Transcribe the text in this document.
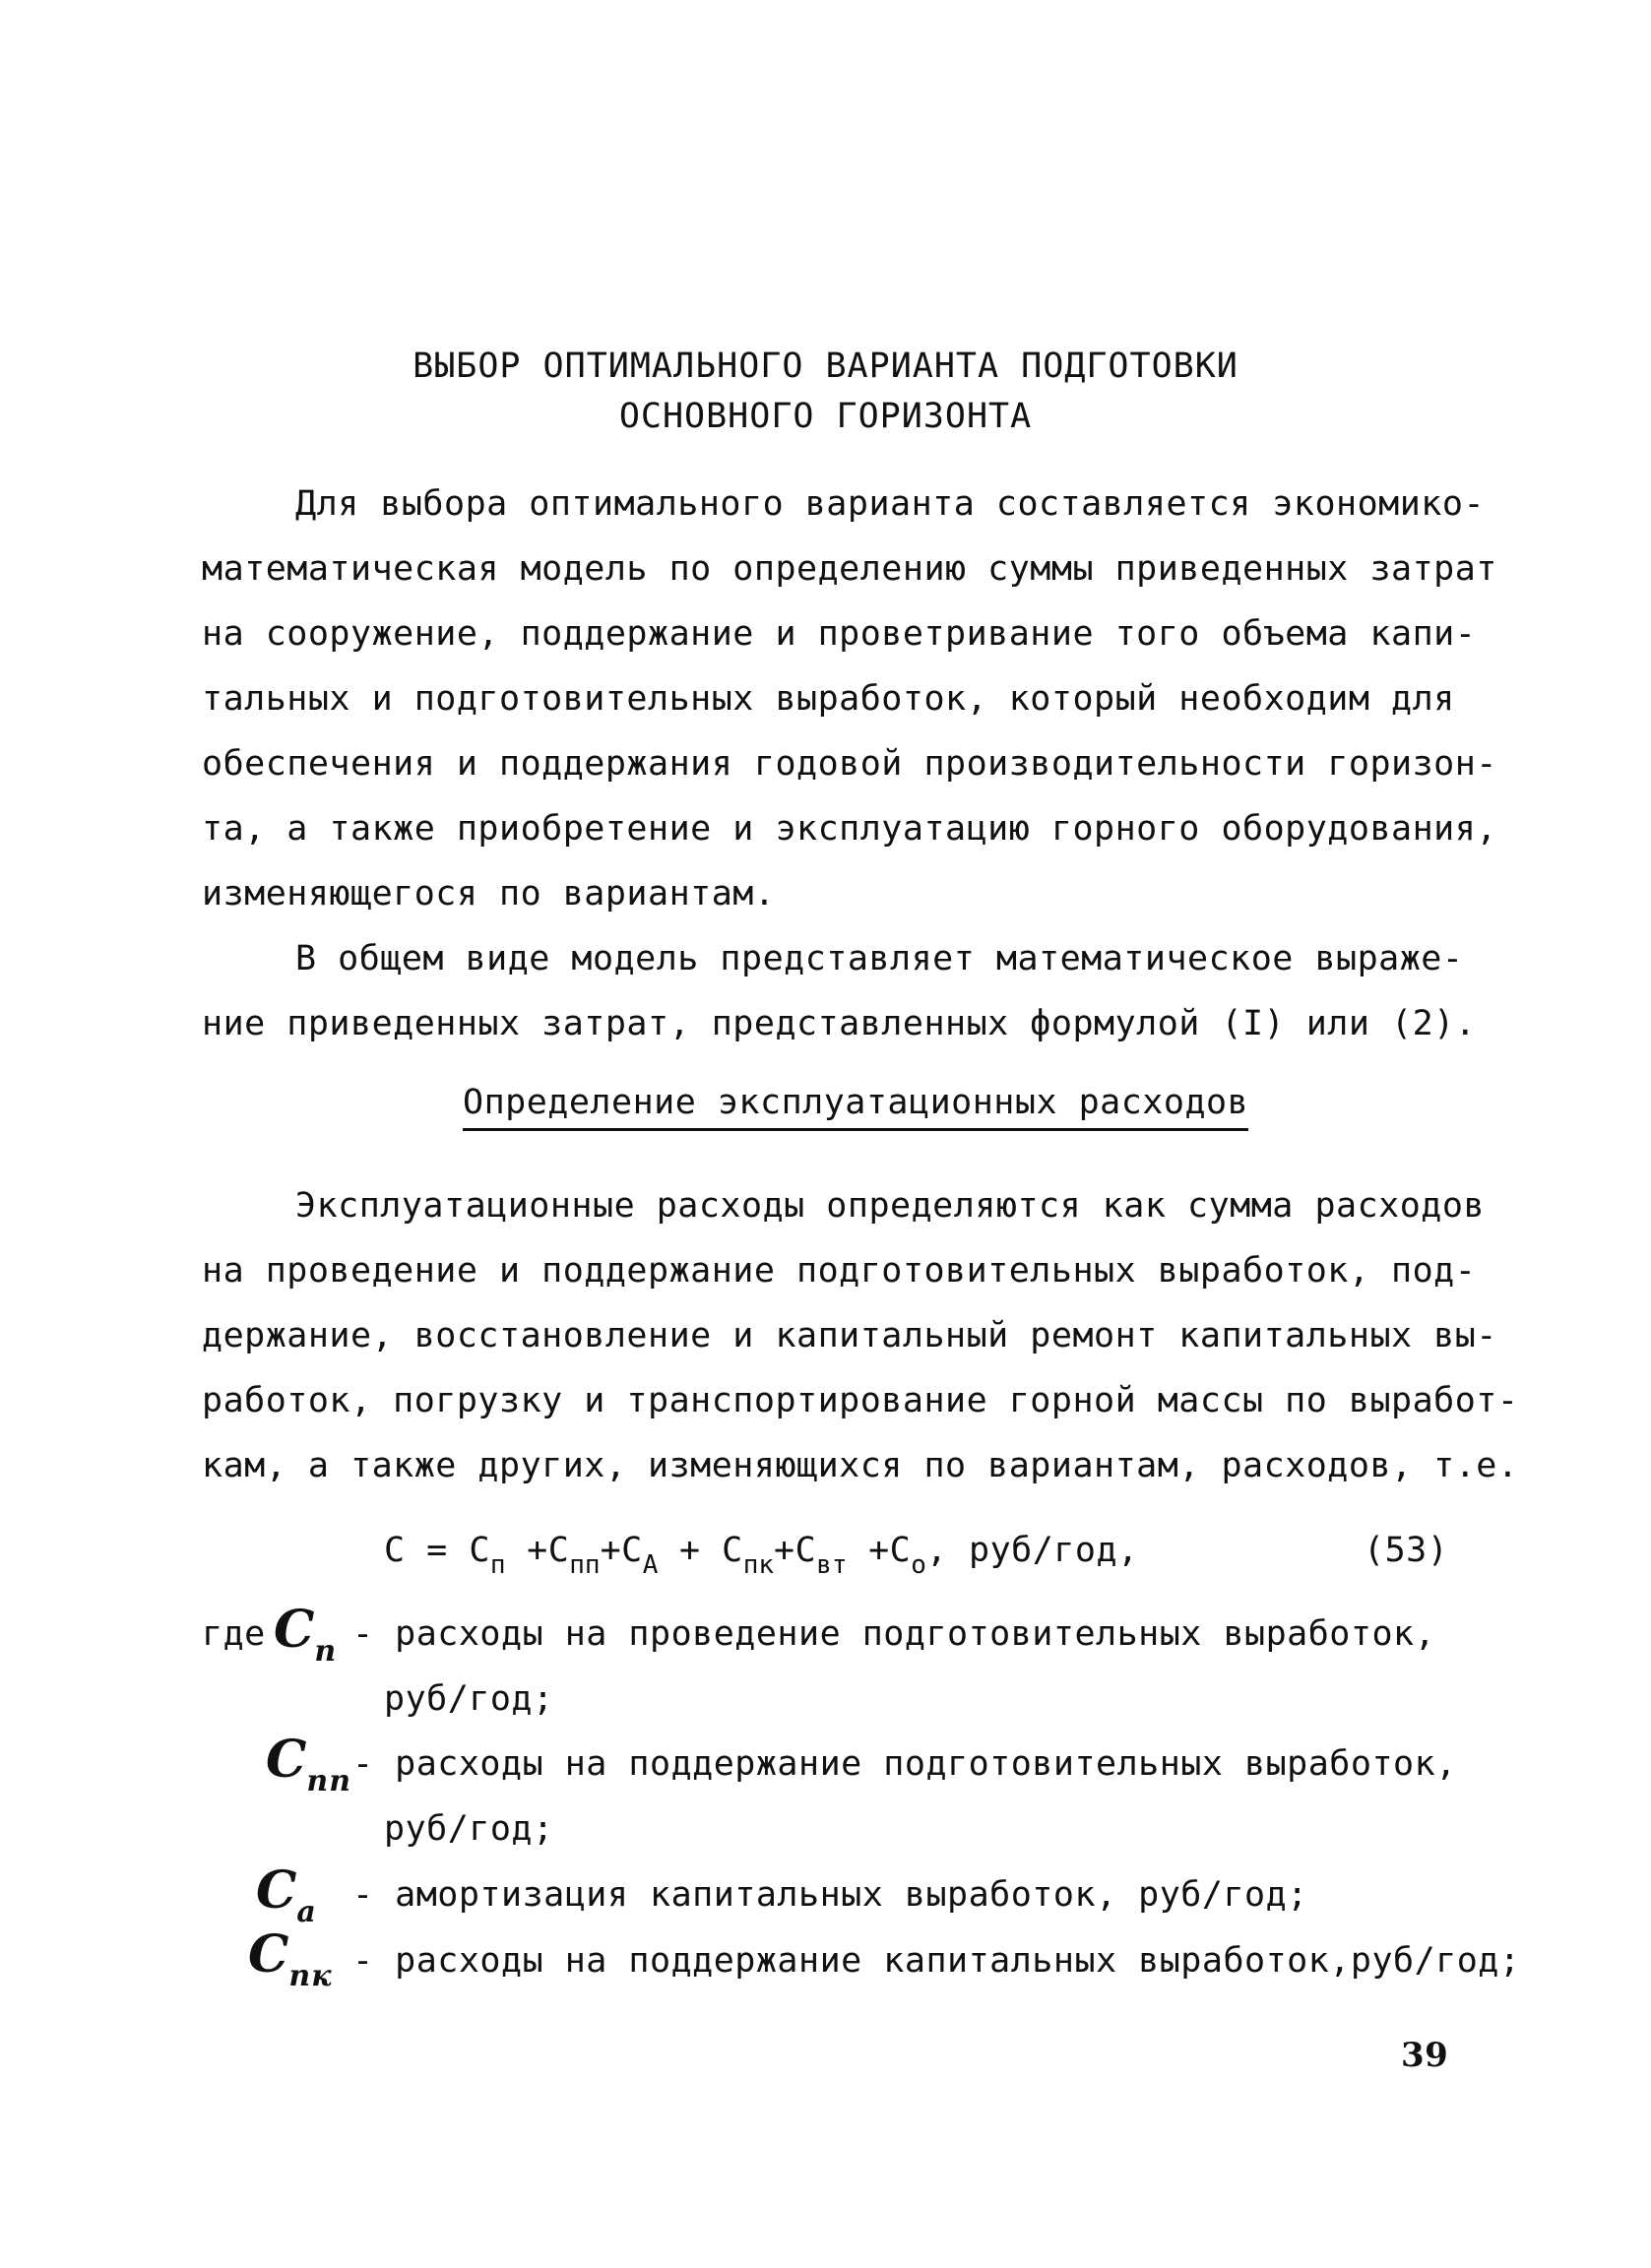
ВЫБОР ОПТИМАЛЬНОГО ВАРИАНТА ПОДГОТОВКИ
ОСНОВНОГО ГОРИЗОНТА
Для выбора оптимального варианта составляется экономико-
математическая модель по определению суммы приведенных затрат
на сооружение, поддержание и проветривание того объема капи-
тальных и подготовительных выработок, который необходим для
обеспечения и поддержания годовой производительности горизон-
та, а также приобретение и эксплуатацию горного оборудования,
изменяющегося по вариантам.
В общем виде модель представляет математическое выраже-
ние приведенных затрат, представленных формулой (I) или (2).
Определение эксплуатационных расходов
Эксплуатационные расходы определяются как сумма расходов
на проведение и поддержание подготовительных выработок, под-
держание, восстановление и капитальный ремонт капитальных вы-
работок, погрузку и транспортирование горной массы по выработ-
кам, а также других, изменяющихся по вариантам, расходов, т.е.
$С = С_п +С_{пп}+С_А + С_{пк}+С_{вт} +С_о$, руб/год,	(53)
где $С_п$ - расходы на проведение подготовительных выработок,
руб/год;
$С_{пп}$ - расходы на поддержание подготовительных выработок,
руб/год;
$С_а$ - амортизация капитальных выработок, руб/год;
$С_{пк}$ - расходы на поддержание капитальных выработок,руб/год;
39
